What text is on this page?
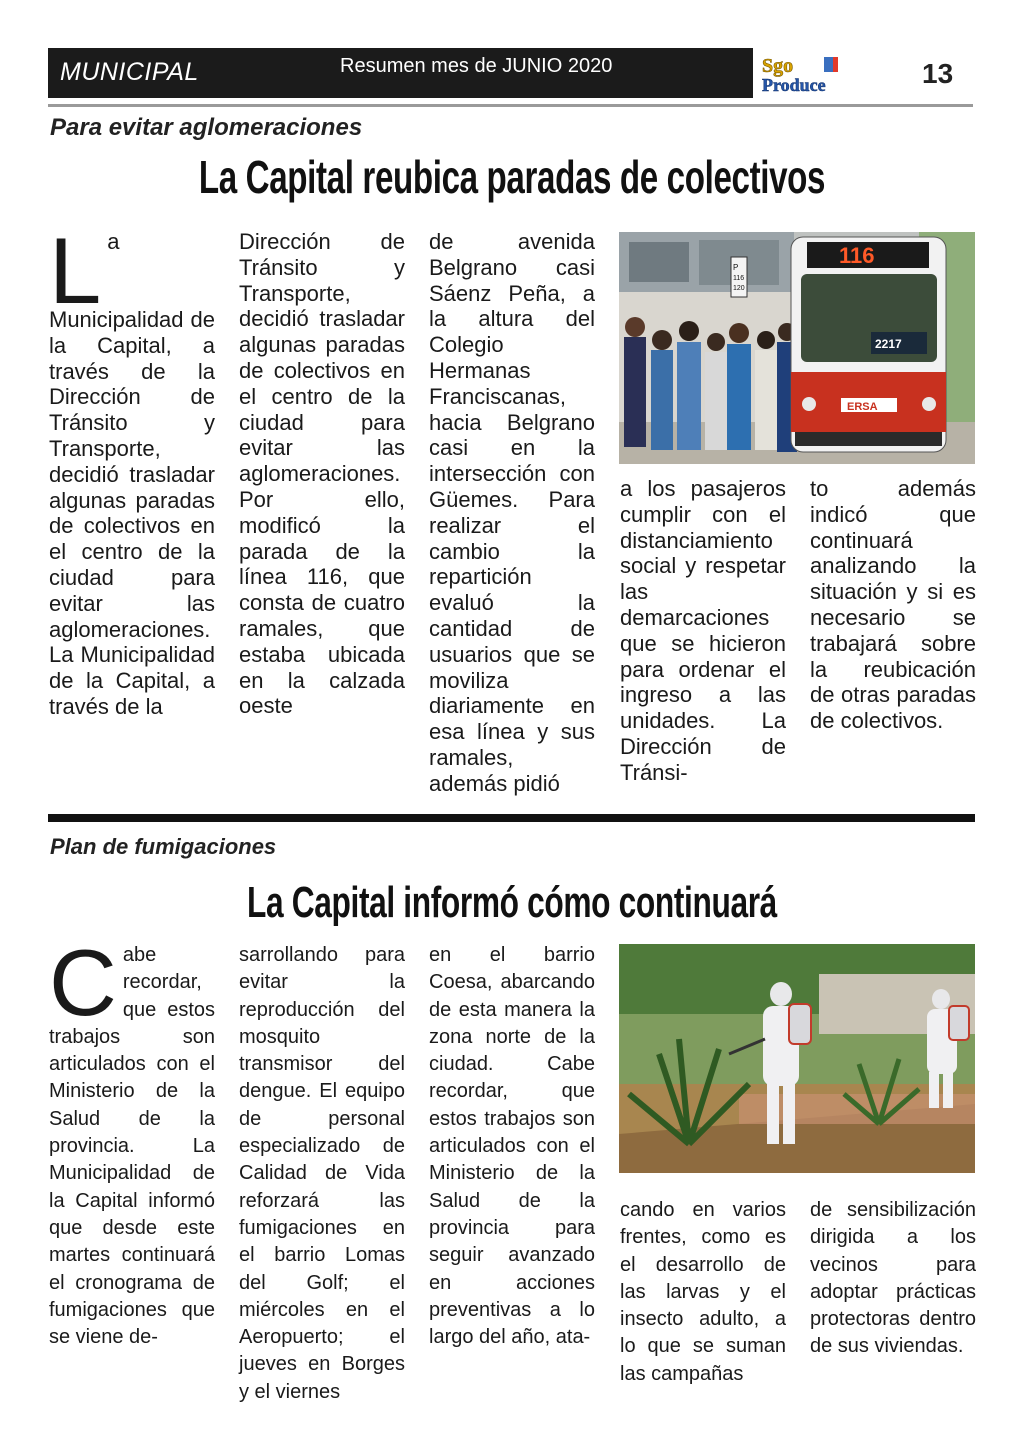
MUNICIPAL	Resumen mes de JUNIO 2020	Sgo
Produce	13
Para evitar aglomeraciones
La Capital reubica paradas de colectivos
L a Municipalidad de la Capital, a través de la Dirección de Tránsito y Transporte, decidió trasladar algunas paradas de colectivos en el centro de la ciudad para evitar las aglomeraciones. La Municipalidad de la Capital, a través de la
Dirección de Tránsito y Transporte, decidió trasladar algunas paradas de colectivos en el centro de la ciudad para evitar las aglomeraciones. Por ello, modificó la parada de la línea 116, que consta de cuatro ramales, que estaba ubicada en la calzada oeste
de avenida Belgrano casi Sáenz Peña, a la altura del Colegio Hermanas Franciscanas, hacia Belgrano casi en la intersección con Güemes. Para realizar el cambio la repartición evaluó la cantidad de usuarios que se moviliza diariamente en esa línea y sus ramales, además pidió
a los pasajeros cumplir con el distanciamiento social y respetar las demarcaciones que se hicieron para ordenar el ingreso a las unidades. La Dirección de Tránsi-
to además indicó que continuará analizando la situación y si es necesario se trabajará sobre la reubicación de otras paradas de colectivos.
P
116
120
116
2217
ERSA
Plan de fumigaciones
La Capital informó cómo continuará
C abe recordar, que estos trabajos son articulados con el Ministerio de la Salud de la provincia. La Municipalidad de la Capital informó que desde este martes continuará el cronograma de fumigaciones que se viene de-
sarrollando para evitar la reproducción del mosquito transmisor del dengue. El equipo de personal especializado de Calidad de Vida reforzará las fumigaciones en el barrio Lomas del Golf; el miércoles en el Aeropuerto; el jueves en Borges y el viernes
en el barrio Coesa, abarcando de esta manera la zona norte de la ciudad. Cabe recordar, que estos trabajos son articulados con el Ministerio de la Salud de la provincia para seguir avanzado en acciones preventivas a lo largo del año, ata-
cando en varios frentes, como es el desarrollo de las larvas y el insecto adulto, a lo que se suman las campañas
de sensibilización dirigida a los vecinos para adoptar prácticas protectoras dentro de sus viviendas.
